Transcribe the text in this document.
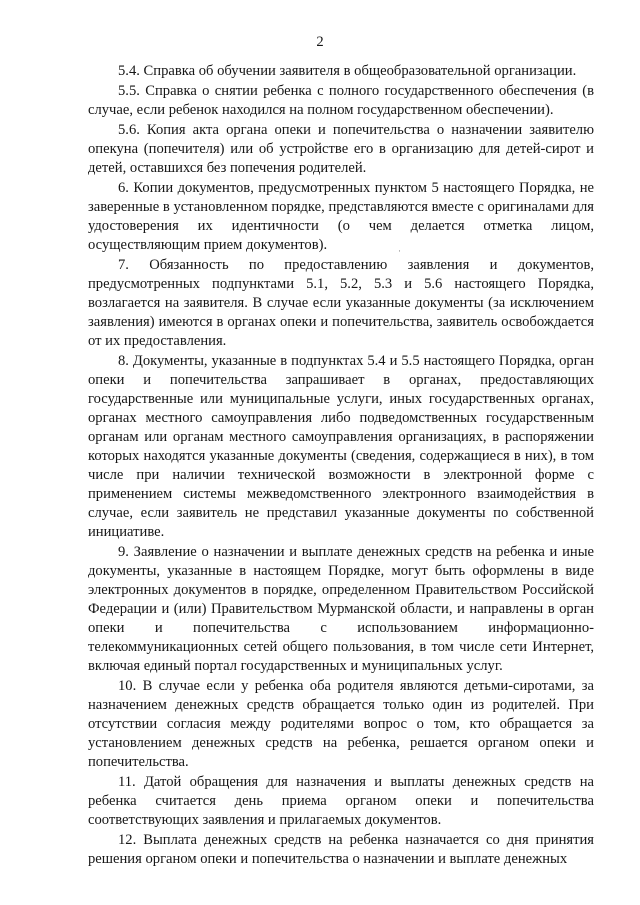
2

5.4. Справка об обучении заявителя в общеобразовательной организации.

5.5. Справка о снятии ребенка с полного государственного обеспечения (в случае, если ребенок находился на полном государственном обеспечении).

5.6. Копия акта органа опеки и попечительства о назначении заявителю опекуна (попечителя) или об устройстве его в организацию для детей-сирот и детей, оставшихся без попечения родителей.

6. Копии документов, предусмотренных пунктом 5 настоящего Порядка, не заверенные в установленном порядке, представляются вместе с оригиналами для удостоверения их идентичности (о чем делается отметка лицом, осуществляющим прием документов).

7. Обязанность по предоставлению заявления и документов, предусмотренных подпунктами 5.1, 5.2, 5.3 и 5.6 настоящего Порядка, возлагается на заявителя. В случае если указанные документы (за исключением заявления) имеются в органах опеки и попечительства, заявитель освобождается от их предоставления.

8. Документы, указанные в подпунктах 5.4 и 5.5 настоящего Порядка, орган опеки и попечительства запрашивает в органах, предоставляющих государственные или муниципальные услуги, иных государственных органах, органах местного самоуправления либо подведомственных государственным органам или органам местного самоуправления организациях, в распоряжении которых находятся указанные документы (сведения, содержащиеся в них), в том числе при наличии технической возможности в электронной форме с применением системы межведомственного электронного взаимодействия в случае, если заявитель не представил указанные документы по собственной инициативе.

9. Заявление о назначении и выплате денежных средств на ребенка и иные документы, указанные в настоящем Порядке, могут быть оформлены в виде электронных документов в порядке, определенном Правительством Российской Федерации и (или) Правительством Мурманской области, и направлены в орган опеки и попечительства с использованием информационно-телекоммуникационных сетей общего пользования, в том числе сети Интернет, включая единый портал государственных и муниципальных услуг.

10. В случае если у ребенка оба родителя являются детьми-сиротами, за назначением денежных средств обращается только один из родителей. При отсутствии согласия между родителями вопрос о том, кто обращается за установлением денежных средств на ребенка, решается органом опеки и попечительства.

11. Датой обращения для назначения и выплаты денежных средств на ребенка считается день приема органом опеки и попечительства соответствующих заявления и прилагаемых документов.

12. Выплата денежных средств на ребенка назначается со дня принятия решения органом опеки и попечительства о назначении и выплате денежных

·
